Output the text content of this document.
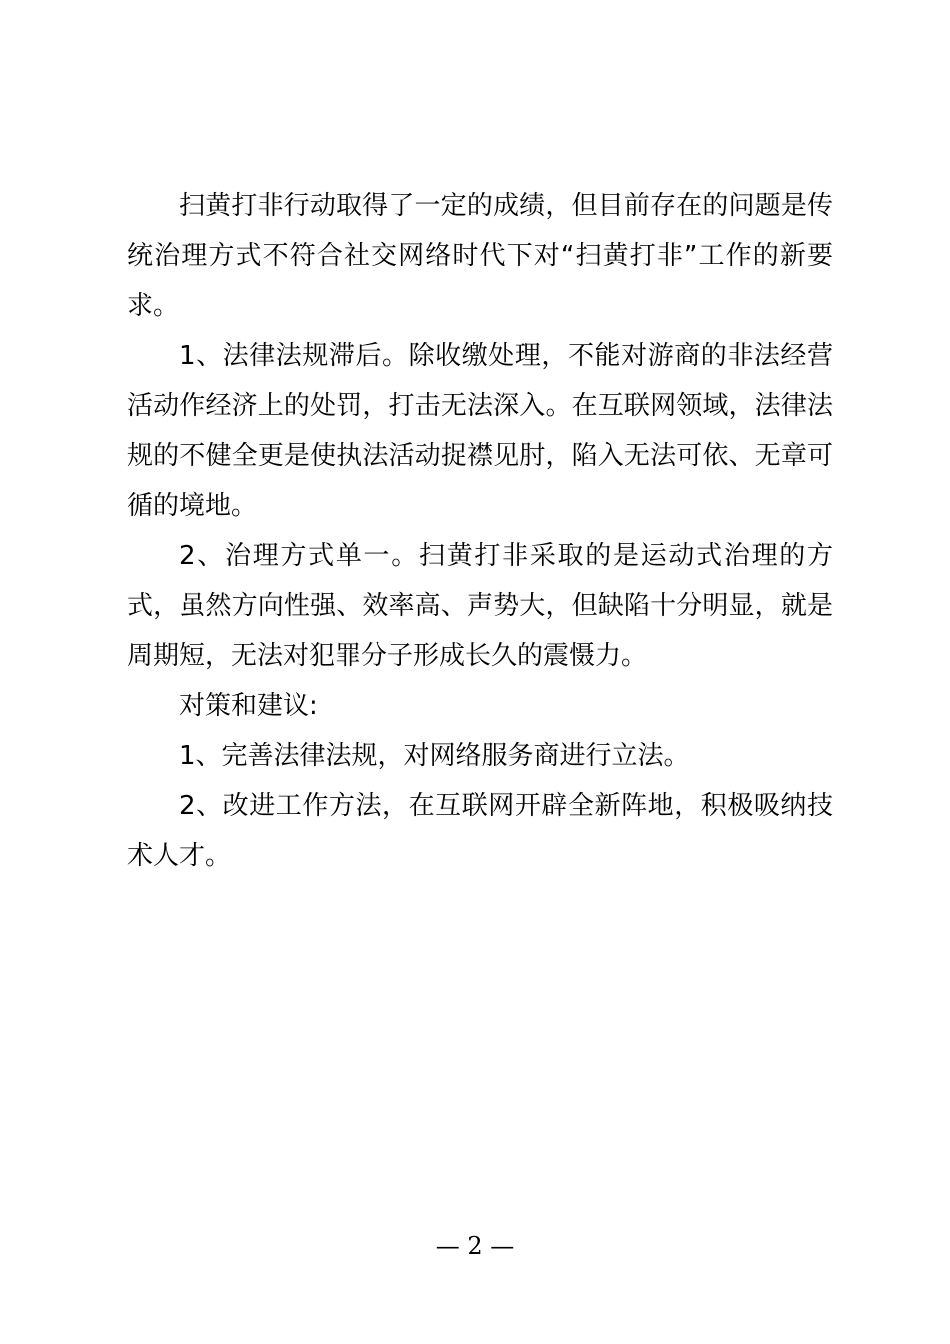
扫黄打非行动取得了一定的成绩，但目前存在的问题是传统治理方式不符合社交网络时代下对“扫黄打非”工作的新要求。

1、法律法规滞后。除收缴处理，不能对游商的非法经营活动作经济上的处罚，打击无法深入。在互联网领域，法律法规的不健全更是使执法活动捉襟见肘，陷入无法可依、无章可循的境地。

2、治理方式单一。扫黄打非采取的是运动式治理的方式，虽然方向性强、效率高、声势大，但缺陷十分明显，就是周期短，无法对犯罪分子形成长久的震慑力。

对策和建议:

1、完善法律法规，对网络服务商进行立法。

2、改进工作方法，在互联网开辟全新阵地，积极吸纳技术人才。

— 2 —
